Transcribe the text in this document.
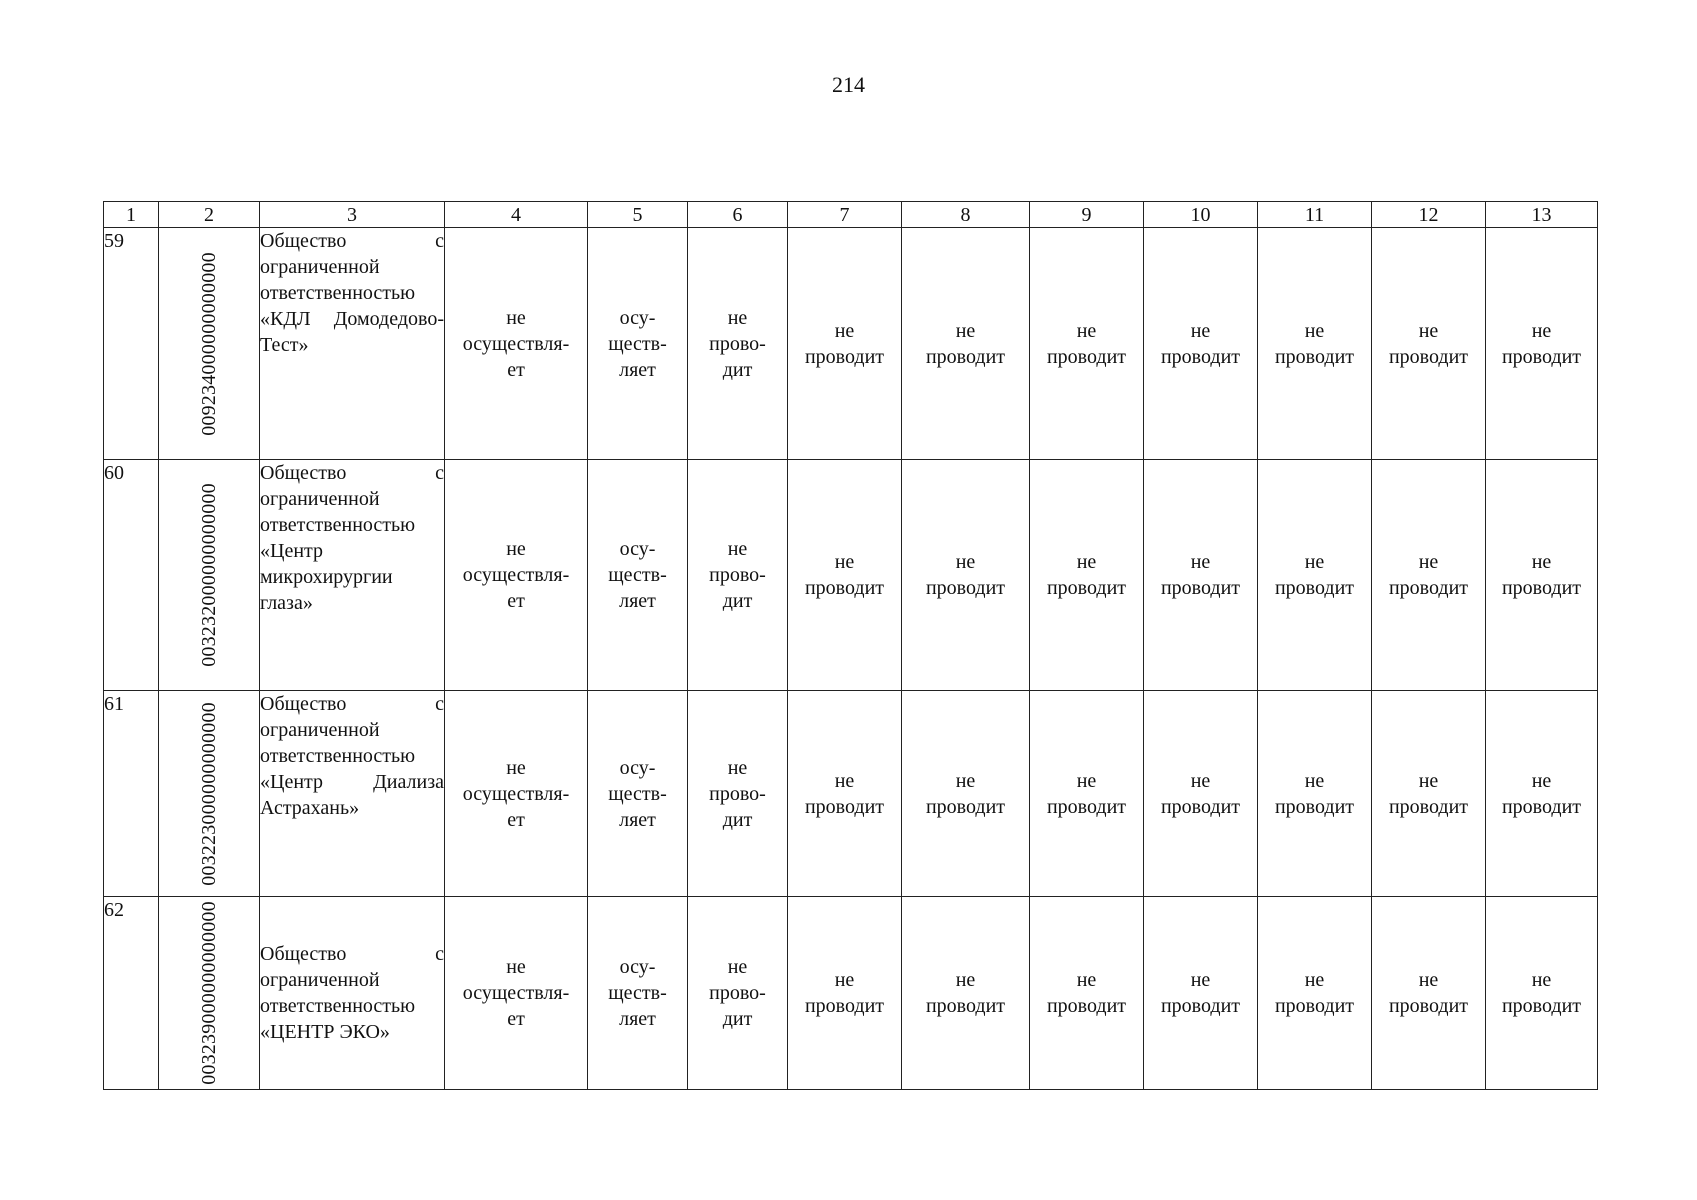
214
1	2	3	4	5	6	7	8	9	10	11	12	13
59	009234000000000000	Общество с ограниченной ответственностью «КДЛ Домодедово-Тест»	не
осуществля-
ет	осу-
ществ-
ляет	не
прово-
дит	не
проводит	не
проводит	не
проводит	не
проводит	не
проводит	не
проводит	не
проводит

60	003232000000000000	Общество с ограниченной ответственностью «Центр микрохирургии глаза»	не
осуществля-
ет	осу-
ществ-
ляет	не
прово-
дит	не
проводит	не
проводит	не
проводит	не
проводит	не
проводит	не
проводит	не
проводит

61	003223000000000000	Общество с ограниченной ответственностью «Центр Диализа Астрахань»	не
осуществля-
ет	осу-
ществ-
ляет	не
прово-
дит	не
проводит	не
проводит	не
проводит	не
проводит	не
проводит	не
проводит	не
проводит

62	003239000000000000	Общество с ограниченной ответственностью «ЦЕНТР ЭКО»	не
осуществля-
ет	осу-
ществ-
ляет	не
прово-
дит	не
проводит	не
проводит	не
проводит	не
проводит	не
проводит	не
проводит	не
проводит
